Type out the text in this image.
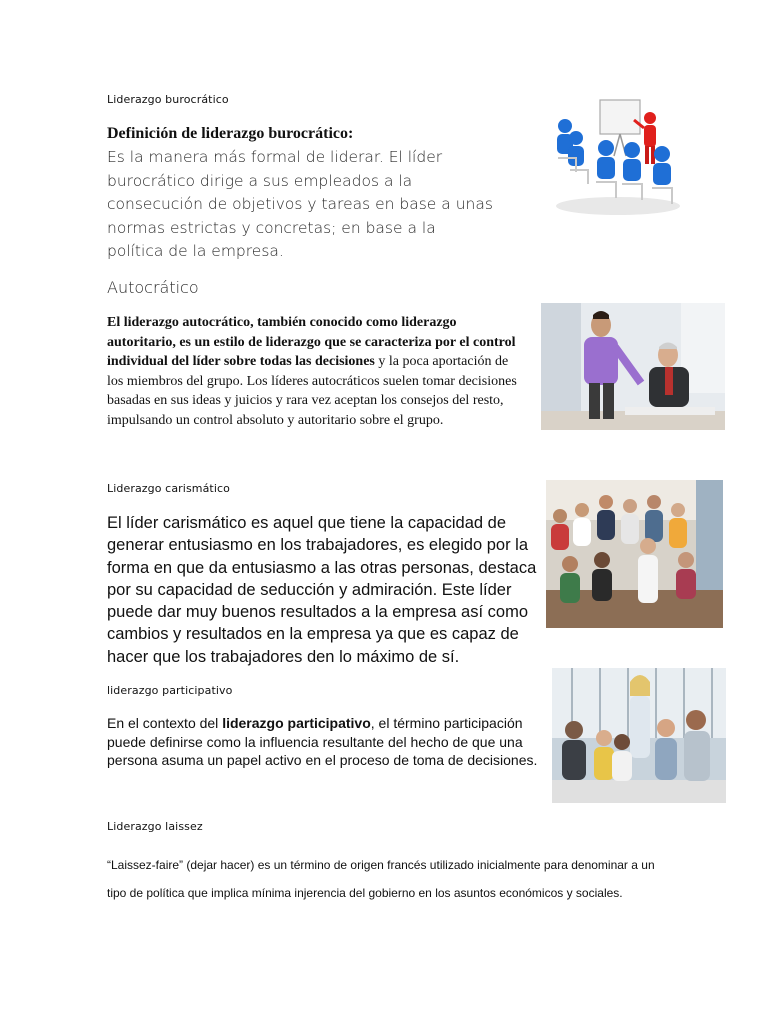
Liderazgo burocrático
Definición de liderazgo burocrático:
Es la manera más formal de liderar. El líder
burocrático dirige a sus empleados a la
consecución de objetivos y tareas en base a unas
normas estrictas y concretas; en base a la
política de la empresa.
Autocrático
El liderazgo autocrático, también conocido como liderazgo
autoritario, es un estilo de liderazgo que se caracteriza por el control
individual del líder sobre todas las decisiones y la poca aportación de
los miembros del grupo. Los líderes autocráticos suelen tomar decisiones
basadas en sus ideas y juicios y rara vez aceptan los consejos del resto,
impulsando un control absoluto y autoritario sobre el grupo.
Liderazgo carismático
El líder carismático es aquel que tiene la capacidad de
generar entusiasmo en los trabajadores, es elegido por la
forma en que da entusiasmo a las otras personas, destaca
por su capacidad de seducción y admiración. Este líder
puede dar muy buenos resultados a la empresa así como
cambios y resultados en la empresa ya que es capaz de
hacer que los trabajadores den lo máximo de sí.
liderazgo participativo
En el contexto del liderazgo participativo, el término participación
puede definirse como la influencia resultante del hecho de que una
persona asuma un papel activo en el proceso de toma de decisiones.
Liderazgo laissez
“Laissez-faire” (dejar hacer) es un término de origen francés utilizado inicialmente para denominar a un
tipo de política que implica mínima injerencia del gobierno en los asuntos económicos y sociales.
